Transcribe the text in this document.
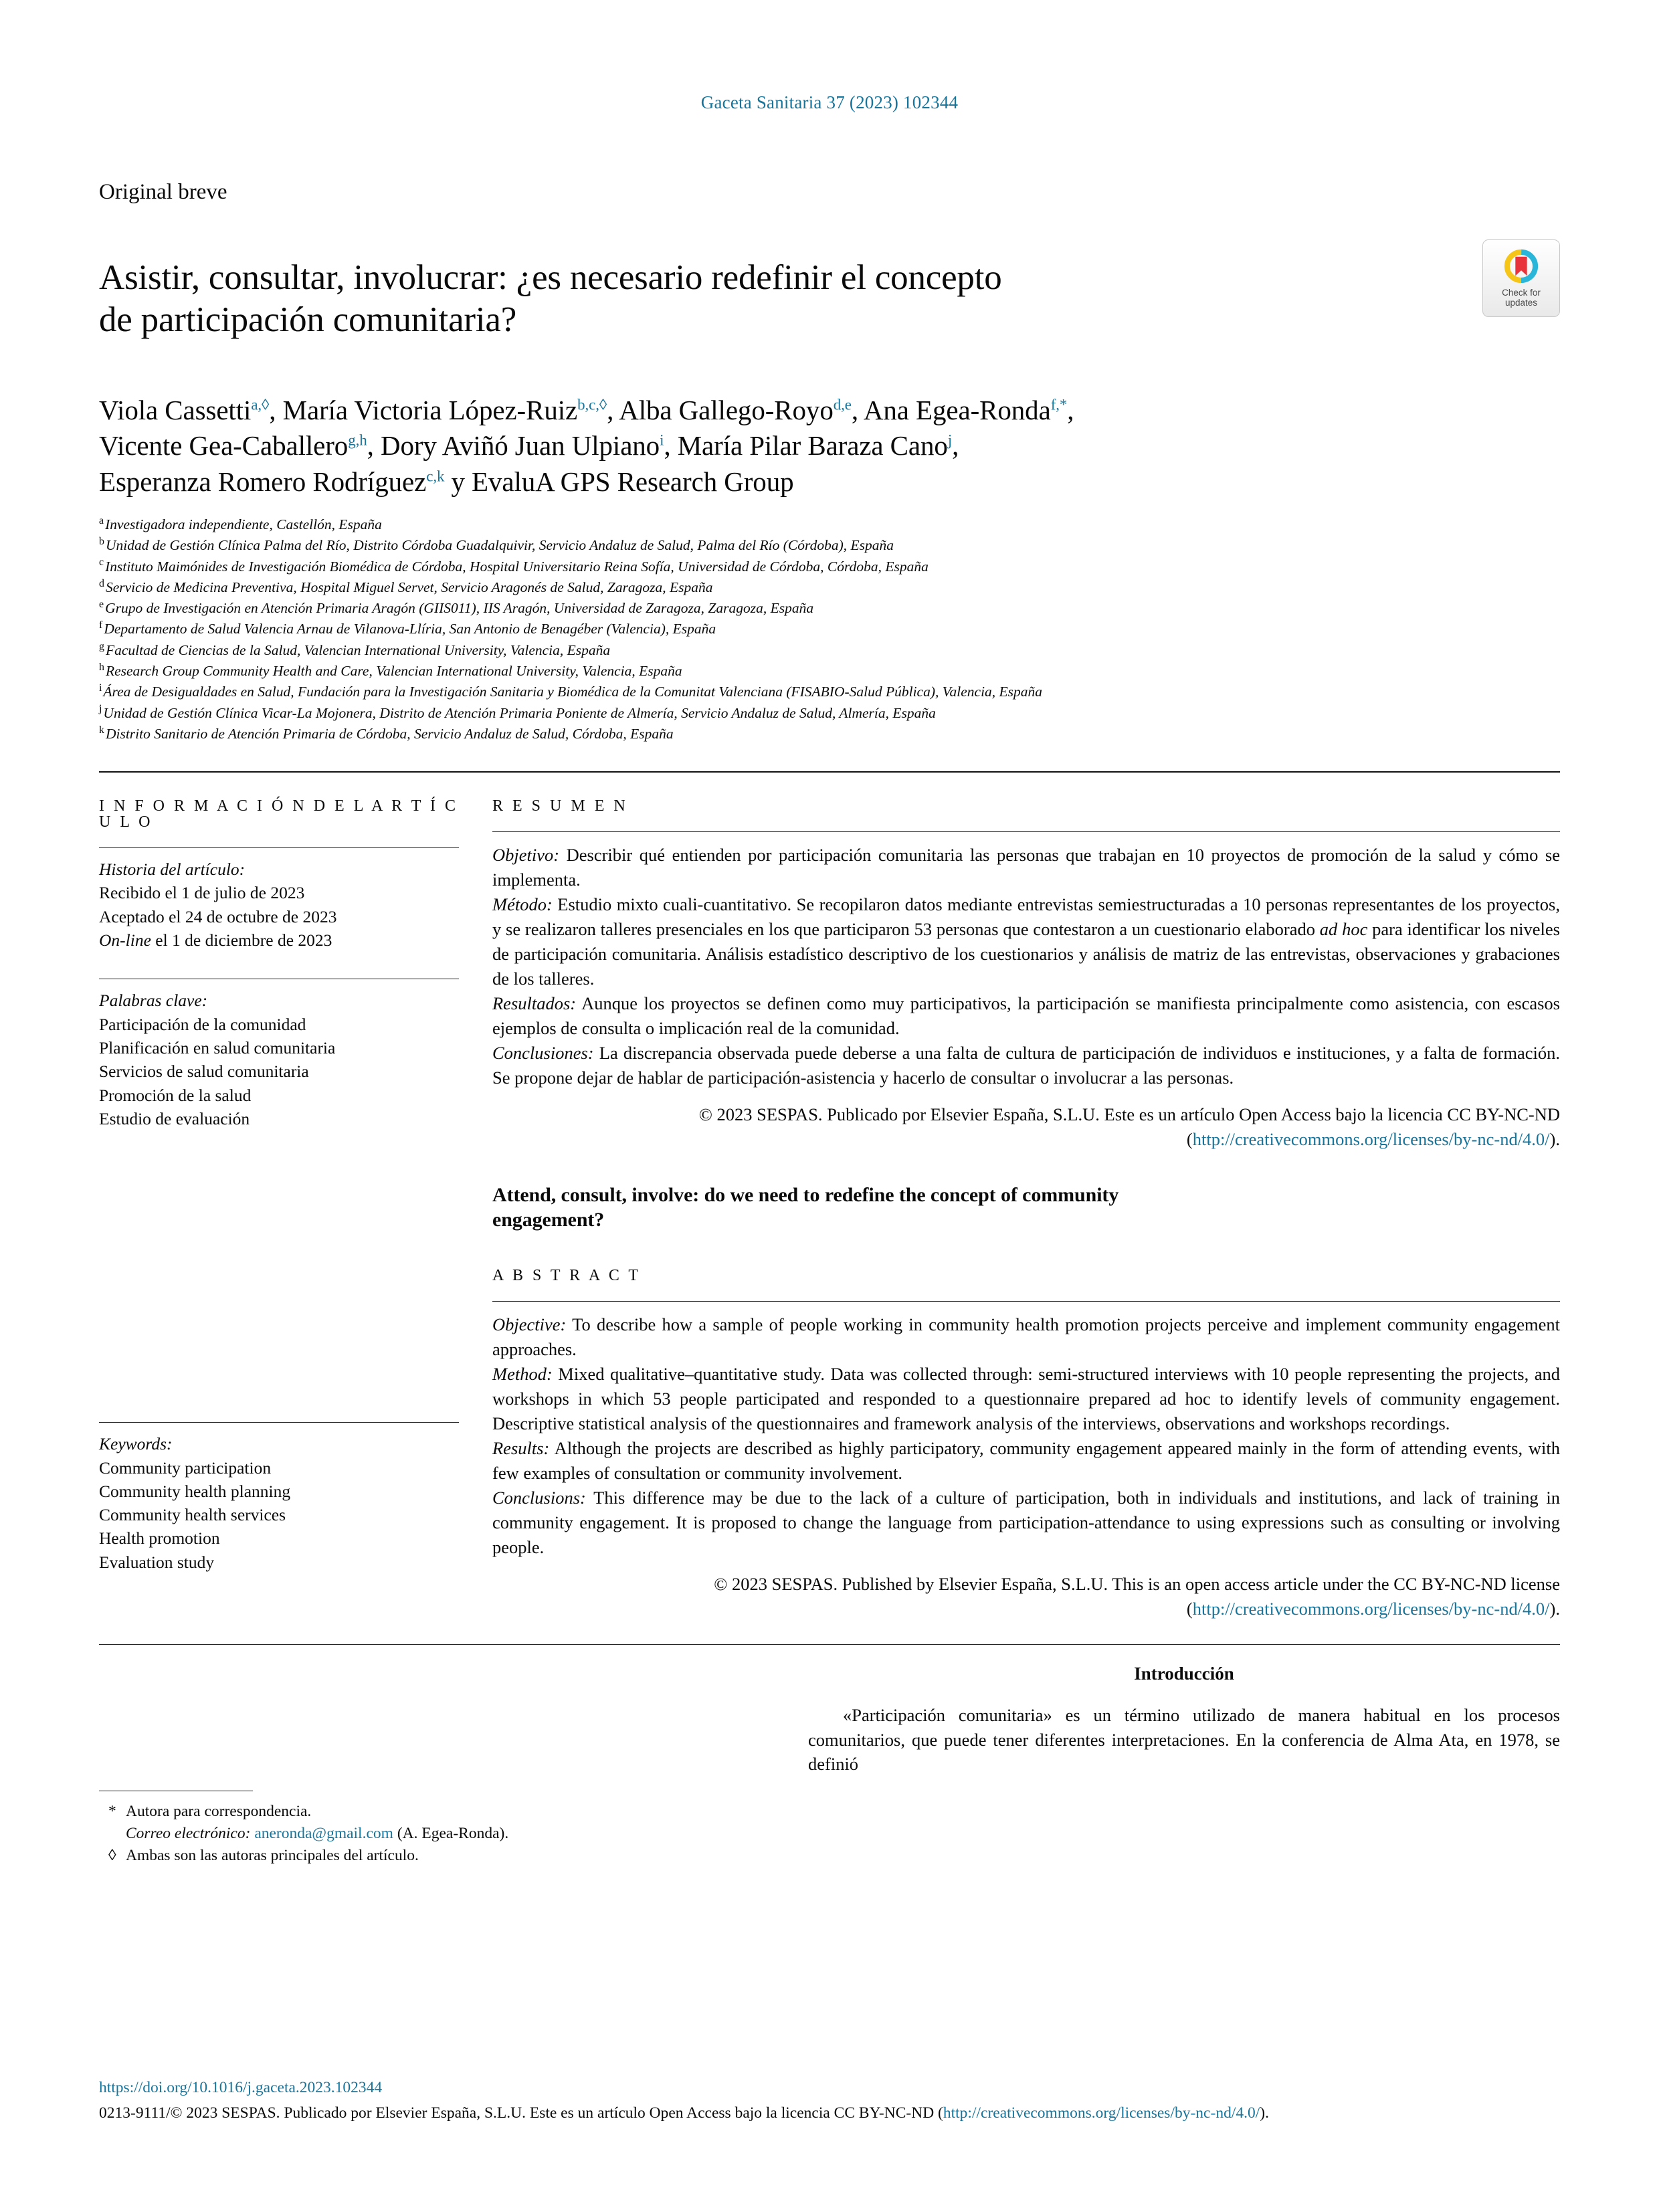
Gaceta Sanitaria 37 (2023) 102344
Original breve
Asistir, consultar, involucrar: ¿es necesario redefinir el concepto
de participación comunitaria?
Check for
updates
Viola Cassetti$^{a,◊}$, María Victoria López-Ruiz$^{b,c,◊}$, Alba Gallego-Royo$^{d,e}$, Ana Egea-Ronda$^{f,*}$,
Vicente Gea-Caballero$^{g,h}$, Dory Aviñó Juan Ulpiano$^i$, María Pilar Baraza Cano$^j$,
Esperanza Romero Rodríguez$^{c,k}$ y EvaluA GPS Research Group
$^a$Investigadora independiente, Castellón, España
$^b$Unidad de Gestión Clínica Palma del Río, Distrito Córdoba Guadalquivir, Servicio Andaluz de Salud, Palma del Río (Córdoba), España
$^c$Instituto Maimónides de Investigación Biomédica de Córdoba, Hospital Universitario Reina Sofía, Universidad de Córdoba, Córdoba, España
$^d$Servicio de Medicina Preventiva, Hospital Miguel Servet, Servicio Aragonés de Salud, Zaragoza, España
$^e$Grupo de Investigación en Atención Primaria Aragón (GIIS011), IIS Aragón, Universidad de Zaragoza, Zaragoza, España
$^f$Departamento de Salud Valencia Arnau de Vilanova-Llíria, San Antonio de Benagéber (Valencia), España
$^g$Facultad de Ciencias de la Salud, Valencian International University, Valencia, España
$^h$Research Group Community Health and Care, Valencian International University, Valencia, España
$^i$Área de Desigualdades en Salud, Fundación para la Investigación Sanitaria y Biomédica de la Comunitat Valenciana (FISABIO-Salud Pública), Valencia, España
$^j$Unidad de Gestión Clínica Vicar-La Mojonera, Distrito de Atención Primaria Poniente de Almería, Servicio Andaluz de Salud, Almería, España
$^k$Distrito Sanitario de Atención Primaria de Córdoba, Servicio Andaluz de Salud, Córdoba, España
I N F O R M A C I Ó N D E L A R T Í C U L O
Historia del artículo:
Recibido el 1 de julio de 2023
Aceptado el 24 de octubre de 2023
On-line el 1 de diciembre de 2023
Palabras clave:
Participación de la comunidad
Planificación en salud comunitaria
Servicios de salud comunitaria
Promoción de la salud
Estudio de evaluación
Keywords:
Community participation
Community health planning
Community health services
Health promotion
Evaluation study
R E S U M E N

Objetivo: Describir qué entienden por participación comunitaria las personas que trabajan en 10 proyectos de promoción de la salud y cómo se implementa.

Método: Estudio mixto cuali-cuantitativo. Se recopilaron datos mediante entrevistas semiestructuradas a 10 personas representantes de los proyectos, y se realizaron talleres presenciales en los que participaron 53 personas que contestaron a un cuestionario elaborado ad hoc para identificar los niveles de participación comunitaria. Análisis estadístico descriptivo de los cuestionarios y análisis de matriz de las entrevistas, observaciones y grabaciones de los talleres.

Resultados: Aunque los proyectos se definen como muy participativos, la participación se manifiesta principalmente como asistencia, con escasos ejemplos de consulta o implicación real de la comunidad.

Conclusiones: La discrepancia observada puede deberse a una falta de cultura de participación de individuos e instituciones, y a falta de formación. Se propone dejar de hablar de participación-asistencia y hacerlo de consultar o involucrar a las personas.

© 2023 SESPAS. Publicado por Elsevier España, S.L.U. Este es un artículo Open Access bajo la licencia CC BY-NC-ND (http://creativecommons.org/licenses/by-nc-nd/4.0/).
Attend, consult, involve: do we need to redefine the concept of community
engagement?
A B S T R A C T

Objective: To describe how a sample of people working in community health promotion projects perceive and implement community engagement approaches.

Method: Mixed qualitative–quantitative study. Data was collected through: semi-structured interviews with 10 people representing the projects, and workshops in which 53 people participated and responded to a questionnaire prepared ad hoc to identify levels of community engagement. Descriptive statistical analysis of the questionnaires and framework analysis of the interviews, observations and workshops recordings.

Results: Although the projects are described as highly participatory, community engagement appeared mainly in the form of attending events, with few examples of consultation or community involvement.

Conclusions: This difference may be due to the lack of a culture of participation, both in individuals and institutions, and lack of training in community engagement. It is proposed to change the language from participation-attendance to using expressions such as consulting or involving people.

© 2023 SESPAS. Published by Elsevier España, S.L.U. This is an open access article under the CC BY-NC-ND license (http://creativecommons.org/licenses/by-nc-nd/4.0/).
* Autora para correspondencia.
Correo electrónico: aneronda@gmail.com (A. Egea-Ronda).
◊ Ambas son las autoras principales del artículo.
Introducción
«Participación comunitaria» es un término utilizado de manera habitual en los procesos comunitarios, que puede tener diferentes interpretaciones. En la conferencia de Alma Ata, en 1978, se definió
https://doi.org/10.1016/j.gaceta.2023.102344
0213-9111/© 2023 SESPAS. Publicado por Elsevier España, S.L.U. Este es un artículo Open Access bajo la licencia CC BY-NC-ND (http://creativecommons.org/licenses/by-nc-nd/4.0/).
